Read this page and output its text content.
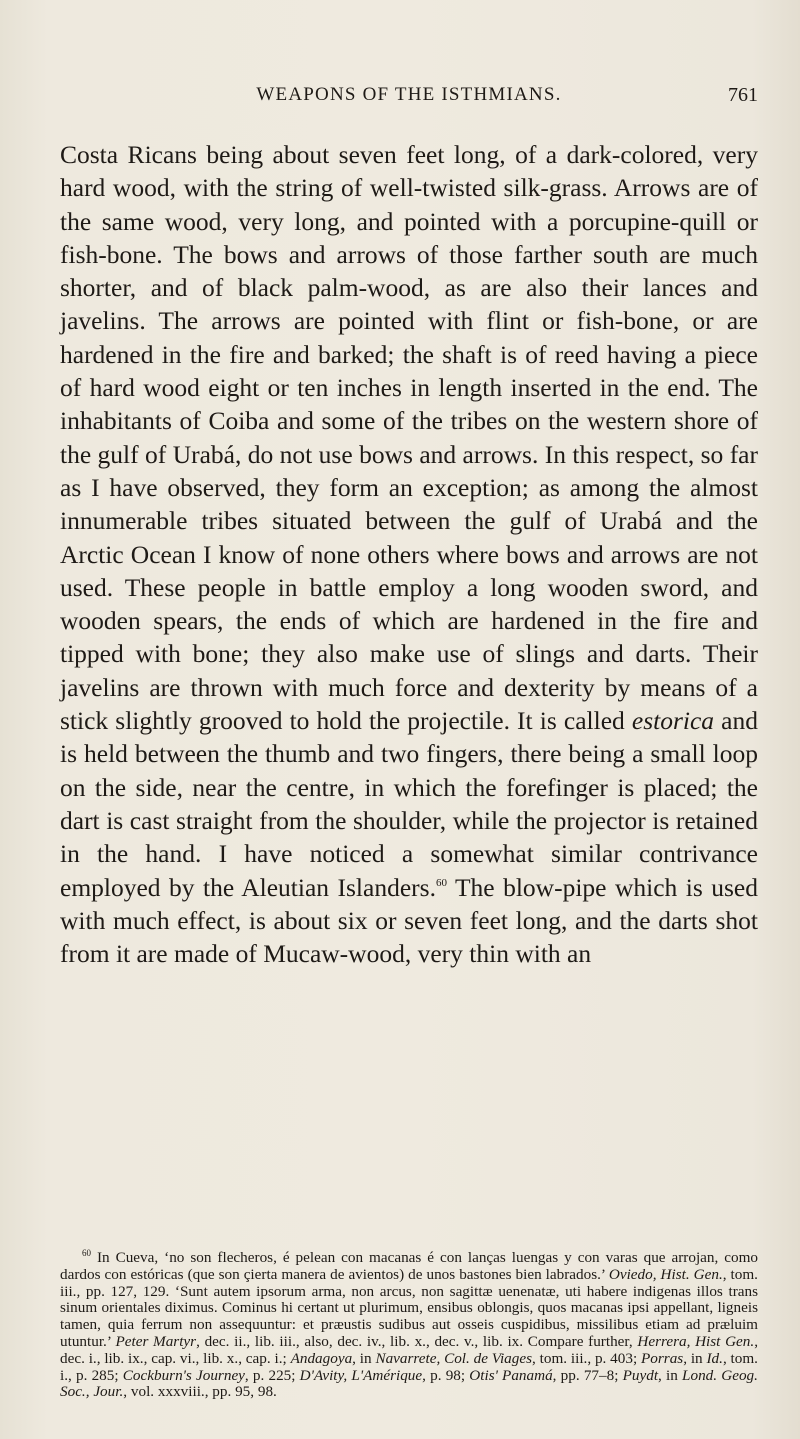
WEAPONS OF THE ISTHMIANS.	761

Costa Ricans being about seven feet long, of a dark-colored, very hard wood, with the string of well-twisted silk-grass. Arrows are of the same wood, very long, and pointed with a porcupine-quill or fish-bone. The bows and arrows of those farther south are much shorter, and of black palm-wood, as are also their lances and javelins. The arrows are pointed with flint or fish-bone, or are hardened in the fire and barked; the shaft is of reed having a piece of hard wood eight or ten inches in length inserted in the end. The inhabitants of Coiba and some of the tribes on the western shore of the gulf of Urabá, do not use bows and arrows. In this respect, so far as I have observed, they form an exception; as among the almost innumerable tribes situated between the gulf of Urabá and the Arctic Ocean I know of none others where bows and arrows are not used. These people in battle employ a long wooden sword, and wooden spears, the ends of which are hardened in the fire and tipped with bone; they also make use of slings and darts. Their javelins are thrown with much force and dexterity by means of a stick slightly grooved to hold the projectile. It is called estorica and is held between the thumb and two fingers, there being a small loop on the side, near the centre, in which the forefinger is placed; the dart is cast straight from the shoulder, while the projector is retained in the hand. I have noticed a somewhat similar contrivance employed by the Aleutian Islanders.$^{60}$ The blow-pipe which is used with much effect, is about six or seven feet long, and the darts shot from it are made of Mucaw-wood, very thin with an

$^{60}$ In Cueva, ‘no son flecheros, é pelean con macanas é con lanças luengas y con varas que arrojan, como dardos con estóricas (que son çierta manera de avientos) de unos bastones bien labrados.’ Oviedo, Hist. Gen., tom. iii., pp. 127, 129. ‘Sunt autem ipsorum arma, non arcus, non sagittæ uenenatæ, uti habere indigenas illos trans sinum orientales diximus. Cominus hi certant ut plurimum, ensibus oblongis, quos macanas ipsi appellant, ligneis tamen, quia ferrum non assequuntur: et præustis sudibus aut osseis cuspidibus, missilibus etiam ad præluim utuntur.’ Peter Martyr, dec. ii., lib. iii., also, dec. iv., lib. x., dec. v., lib. ix. Compare further, Herrera, Hist Gen., dec. i., lib. ix., cap. vi., lib. x., cap. i.; Andagoya, in Navarrete, Col. de Viages, tom. iii., p. 403; Porras, in Id., tom. i., p. 285; Cockburn's Journey, p. 225; D'Avity, L'Amérique, p. 98; Otis' Panamá, pp. 77–8; Puydt, in Lond. Geog. Soc., Jour., vol. xxxviii., pp. 95, 98.
